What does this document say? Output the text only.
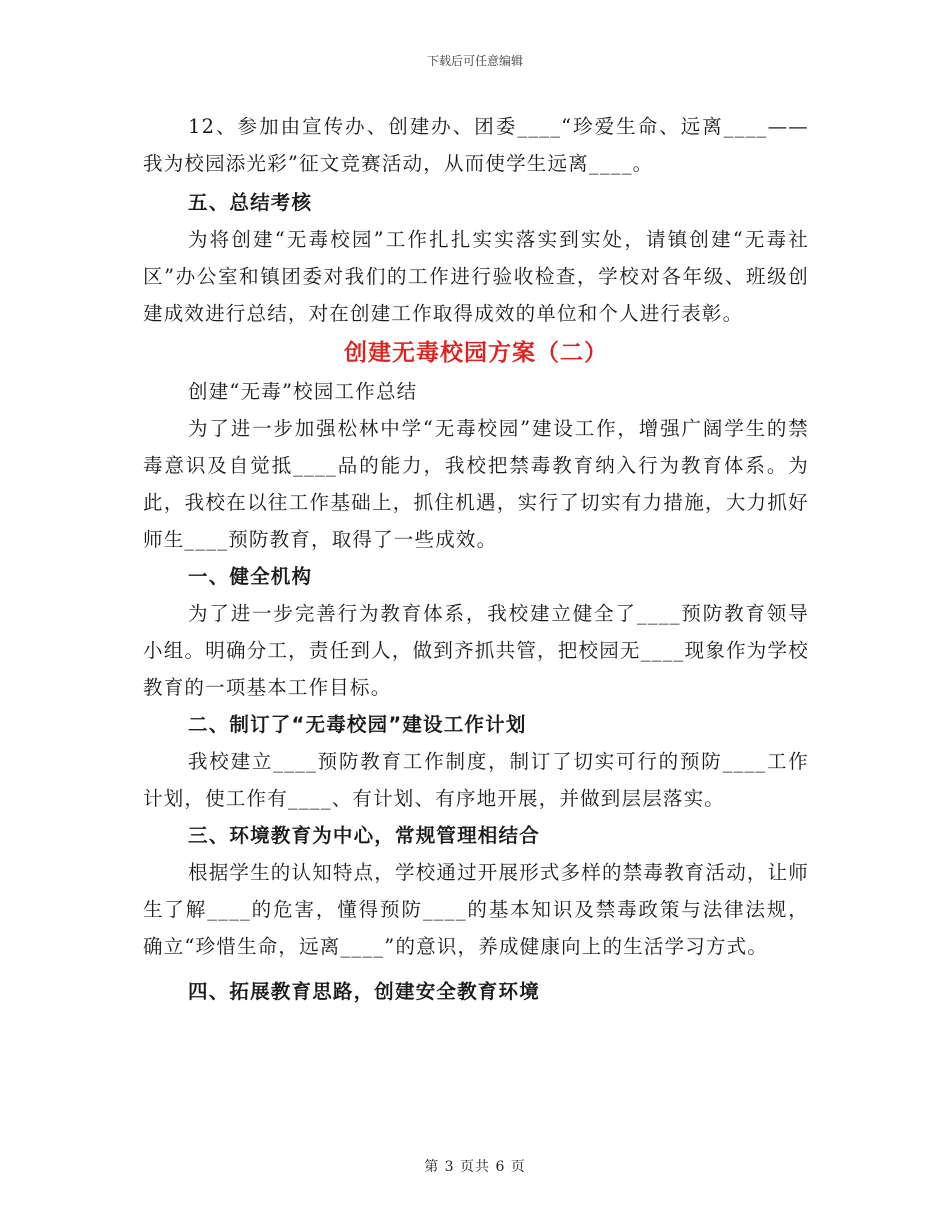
下载后可任意编辑

12、参加由宣传办、创建办、团委____“珍爱生命、远离____——我为校园添光彩”征文竞赛活动，从而使学生远离____。

五、总结考核

为将创建“无毒校园”工作扎扎实实落实到实处，请镇创建“无毒社区”办公室和镇团委对我们的工作进行验收检查，学校对各年级、班级创建成效进行总结，对在创建工作取得成效的单位和个人进行表彰。

创建无毒校园方案（二）

创建“无毒”校园工作总结

为了进一步加强松林中学“无毒校园”建设工作，增强广阔学生的禁毒意识及自觉抵____品的能力，我校把禁毒教育纳入行为教育体系。为此，我校在以往工作基础上，抓住机遇，实行了切实有力措施，大力抓好师生____预防教育，取得了一些成效。

一、健全机构

为了进一步完善行为教育体系，我校建立健全了____预防教育领导小组。明确分工，责任到人，做到齐抓共管，把校园无____现象作为学校教育的一项基本工作目标。

二、制订了“无毒校园”建设工作计划

我校建立____预防教育工作制度，制订了切实可行的预防____工作计划，使工作有____、有计划、有序地开展，并做到层层落实。

三、环境教育为中心，常规管理相结合

根据学生的认知特点，学校通过开展形式多样的禁毒教育活动，让师生了解____的危害，懂得预防____的基本知识及禁毒政策与法律法规，确立“珍惜生命，远离____”的意识，养成健康向上的生活学习方式。

四、拓展教育思路，创建安全教育环境

第 3 页共 6 页
